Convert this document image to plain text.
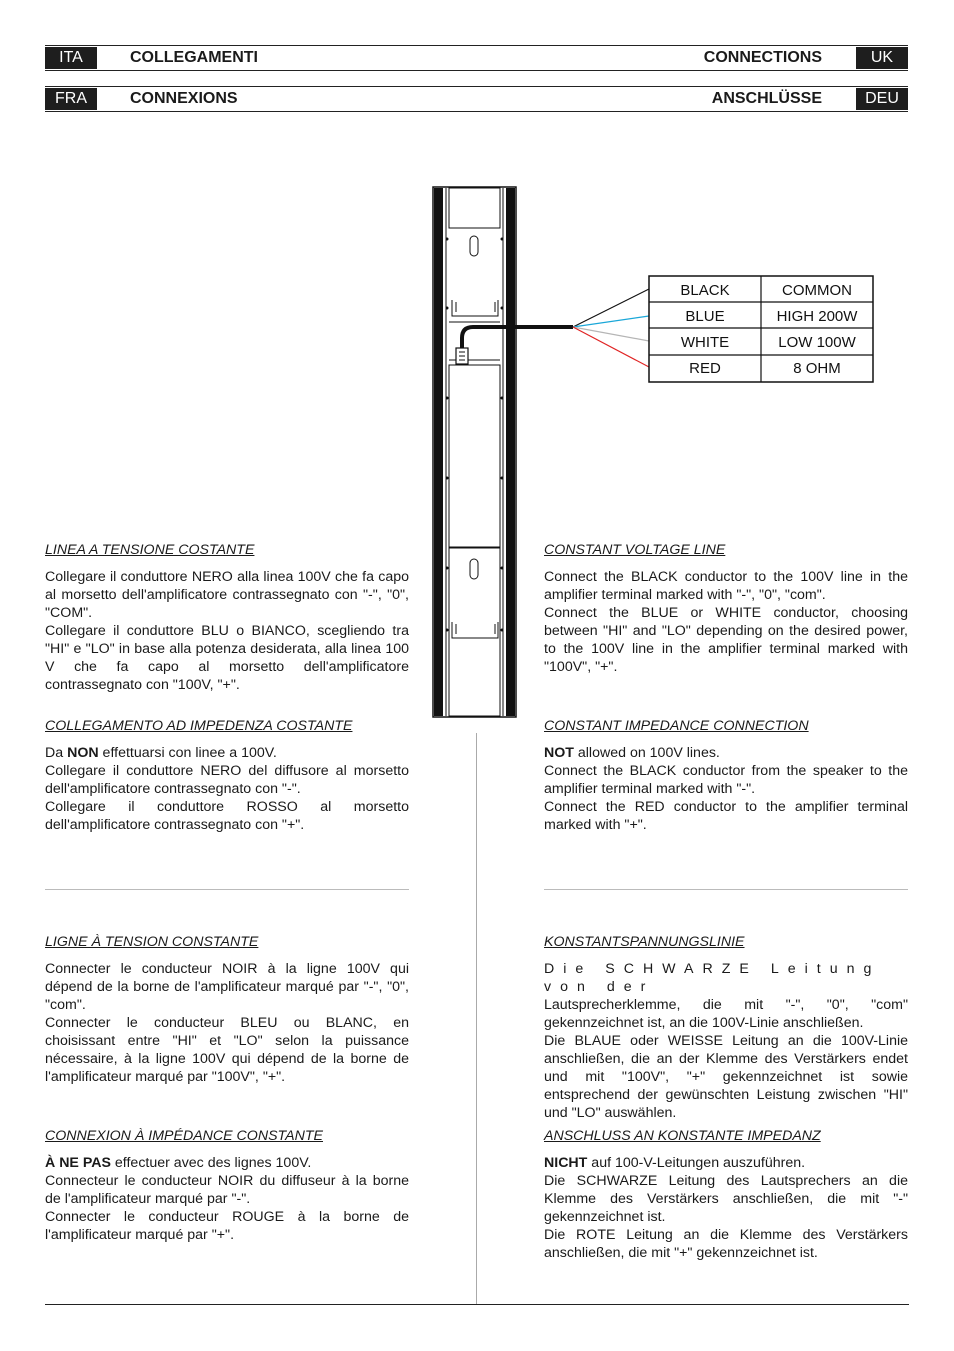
ITA	COLLEGAMENTI	CONNECTIONS	UK
FRA	CONNEXIONS	ANSCHLÜSSE	DEU
BLACK	COMMON
BLUE	HIGH 200W
WHITE	LOW 100W
RED	8 OHM
LINEA A TENSIONE COSTANTE

Collegare il conduttore NERO alla linea 100V che fa capo al morsetto dell'amplificatore contrassegnato con "-", "0", "COM".

Collegare il conduttore BLU o BIANCO, scegliendo tra "HI" e "LO" in base alla potenza desiderata, alla linea 100 V che fa capo al morsetto dell'amplificatore contrassegnato con "100V, "+".

COLLEGAMENTO AD IMPEDENZA COSTANTE

Da NON effettuarsi con linee a 100V.

Collegare il conduttore NERO del diffusore al morsetto dell'amplificatore contrassegnato con "-".

Collegare il conduttore ROSSO al morsetto dell'amplificatore contrassegnato con "+".

CONSTANT VOLTAGE LINE

Connect the BLACK conductor to the 100V line in the amplifier terminal marked with "-", "0", "com".

Connect the BLUE or WHITE conductor, choosing between "HI" and "LO" depending on the desired power, to the 100V line in the amplifier terminal marked with "100V", "+".

CONSTANT IMPEDANCE CONNECTION

NOT allowed on 100V lines.

Connect the BLACK conductor from the speaker to the amplifier terminal marked with "-".

Connect the RED conductor to the amplifier terminal marked with "+".

LIGNE À TENSION CONSTANTE

Connecter le conducteur NOIR à la ligne 100V qui dépend de la borne de l'amplificateur marqué par "-", "0", "com".

Connecter le conducteur BLEU ou BLANC, en choisissant entre "HI" et "LO" selon la puissance nécessaire, à la ligne 100V qui dépend de la borne de l'amplificateur marqué par "100V", "+".

CONNEXION À IMPÉDANCE CONSTANTE

À NE PAS effectuer avec des lignes 100V.

Connecteur le conducteur NOIR du diffuseur à la borne de l'amplificateur marqué par "-".

Connecter le conducteur ROUGE à la borne de l'amplificateur marqué par "+".

KONSTANTSPANNUNGSLINIE

Die SCHWARZE Leitung von der

Lautsprecherklemme, die mit "-", "0", "com" gekennzeichnet ist, an die 100V-Linie anschließen.

Die BLAUE oder WEISSE Leitung an die 100V-Linie anschließen, die an der Klemme des Verstärkers endet und mit "100V", "+" gekennzeichnet ist sowie entsprechend der gewünschten Leistung zwischen "HI" und "LO" auswählen.

ANSCHLUSS AN KONSTANTE IMPEDANZ

NICHT auf 100-V-Leitungen auszuführen.

Die SCHWARZE Leitung des Lautsprechers an die Klemme des Verstärkers anschließen, die mit "-" gekennzeichnet ist.

Die ROTE Leitung an die Klemme des Verstärkers anschließen, die mit "+" gekennzeichnet ist.
